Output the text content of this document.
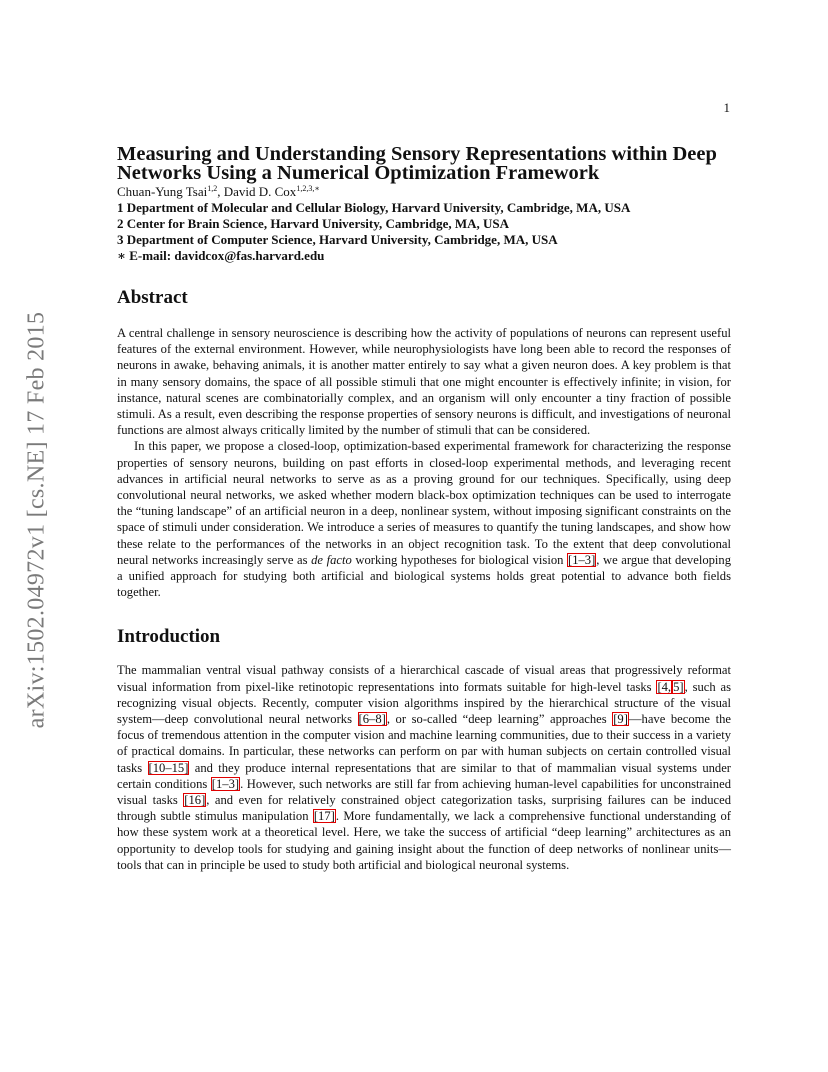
1
arXiv:1502.04972v1 [cs.NE] 17 Feb 2015
Measuring and Understanding Sensory Representations within Deep Networks Using a Numerical Optimization Framework

Chuan-Yung Tsai$^{1,2}$, David D. Cox$^{1,2,3,∗}$

1 Department of Molecular and Cellular Biology, Harvard University, Cambridge, MA, USA

2 Center for Brain Science, Harvard University, Cambridge, MA, USA

3 Department of Computer Science, Harvard University, Cambridge, MA, USA

∗ E-mail: davidcox@fas.harvard.edu

Abstract

A central challenge in sensory neuroscience is describing how the activity of populations of neurons can represent useful features of the external environment. However, while neurophysiologists have long been able to record the responses of neurons in awake, behaving animals, it is another matter entirely to say what a given neuron does. A key problem is that in many sensory domains, the space of all possible stimuli that one might encounter is effectively infinite; in vision, for instance, natural scenes are combinatorially complex, and an organism will only encounter a tiny fraction of possible stimuli. As a result, even describing the response properties of sensory neurons is difficult, and investigations of neuronal functions are almost always critically limited by the number of stimuli that can be considered.

In this paper, we propose a closed-loop, optimization-based experimental framework for characterizing the response properties of sensory neurons, building on past efforts in closed-loop experimental methods, and leveraging recent advances in artificial neural networks to serve as as a proving ground for our techniques. Specifically, using deep convolutional neural networks, we asked whether modern black-box optimization techniques can be used to interrogate the “tuning landscape” of an artificial neuron in a deep, nonlinear system, without imposing significant constraints on the space of stimuli under consideration. We introduce a series of measures to quantify the tuning landscapes, and show how these relate to the performances of the networks in an object recognition task. To the extent that deep convolutional neural networks increasingly serve as de facto working hypotheses for biological vision [1–3], we argue that developing a unified approach for studying both artificial and biological systems holds great potential to advance both fields together.

Introduction

The mammalian ventral visual pathway consists of a hierarchical cascade of visual areas that progressively reformat visual information from pixel-like retinotopic representations into formats suitable for high-level tasks [4, 5], such as recognizing visual objects. Recently, computer vision algorithms inspired by the hierarchical structure of the visual system—deep convolutional neural networks [6–8], or so-called “deep learning” approaches [9]—have become the focus of tremendous attention in the computer vision and machine learning communities, due to their success in a variety of practical domains. In particular, these networks can perform on par with human subjects on certain controlled visual tasks [10–15] and they produce internal representations that are similar to that of mammalian visual systems under certain conditions [1–3]. However, such networks are still far from achieving human-level capabilities for unconstrained visual tasks [16], and even for relatively constrained object categorization tasks, surprising failures can be induced through subtle stimulus manipulation [17]. More fundamentally, we lack a comprehensive functional understanding of how these system work at a theoretical level. Here, we take the success of artificial “deep learning” architectures as an opportunity to develop tools for studying and gaining insight about the function of deep networks of nonlinear units—tools that can in principle be used to study both artificial and biological neuronal systems.
